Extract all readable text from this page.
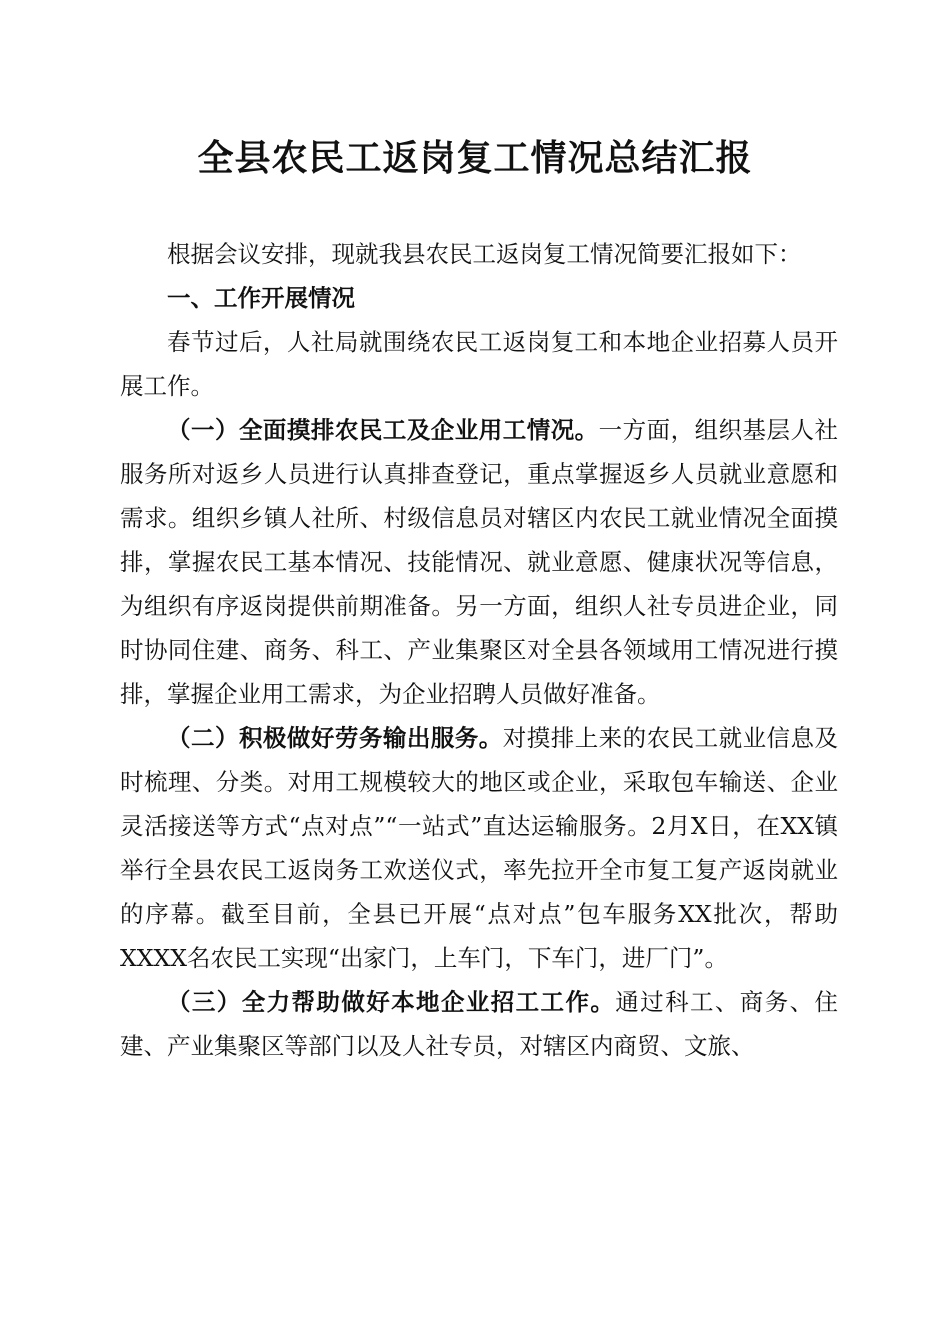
全县农民工返岗复工情况总结汇报

根据会议安排，现就我县农民工返岗复工情况简要汇报如下：

一、工作开展情况

春节过后，人社局就围绕农民工返岗复工和本地企业招募人员开展工作。

（一）全面摸排农民工及企业用工情况。一方面，组织基层人社服务所对返乡人员进行认真排查登记，重点掌握返乡人员就业意愿和需求。组织乡镇人社所、村级信息员对辖区内农民工就业情况全面摸排，掌握农民工基本情况、技能情况、就业意愿、健康状况等信息，为组织有序返岗提供前期准备。另一方面，组织人社专员进企业，同时协同住建、商务、科工、产业集聚区对全县各领域用工情况进行摸排，掌握企业用工需求，为企业招聘人员做好准备。

（二）积极做好劳务输出服务。对摸排上来的农民工就业信息及时梳理、分类。对用工规模较大的地区或企业，采取包车输送、企业灵活接送等方式“点对点”“一站式”直达运输服务。2月X日，在XX镇举行全县农民工返岗务工欢送仪式，率先拉开全市复工复产返岗就业的序幕。截至目前，全县已开展“点对点”包车服务XX批次，帮助XXXX名农民工实现“出家门，上车门，下车门，进厂门”。

（三）全力帮助做好本地企业招工工作。通过科工、商务、住建、产业集聚区等部门以及人社专员，对辖区内商贸、文旅、
